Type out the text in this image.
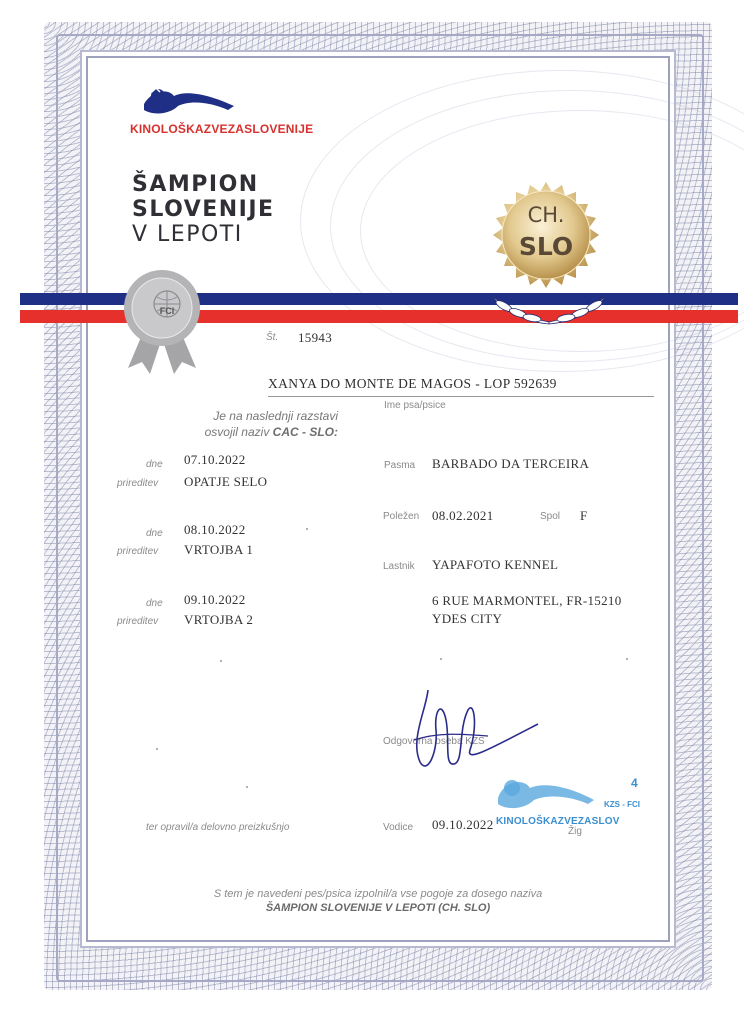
KINOLOŠKAZVEZASLOVENIJE
ŠAMPION
SLOVENIJE
V LEPOTI
CH.
SLO
FCI
Št. 15943
XANYA DO MONTE DE MAGOS - LOP 592639
Ime psa/psice
Je na naslednji razstavi
osvojil naziv CAC - SLO:
dne 07.10.2022
prireditev OPATJE SELO
dne 08.10.2022
prireditev VRTOJBA 1
dne 09.10.2022
prireditev VRTOJBA 2
Pasma BARBADO DA TERCEIRA
Poležen 08.02.2021	Spol F
Lastnik YAPAFOTO KENNEL
6 RUE MARMONTEL, FR-15210
YDES CITY
Odgovorna oseba KZS
ter opravil/a delovno preizkušnjo	Vodice 09.10.2022	Žig
KINOLOŠKAZVEZASLOV
KZS - FCI
4
S tem je navedeni pes/psica izpolnil/a vse pogoje za dosego naziva
ŠAMPION SLOVENIJE V LEPOTI (CH. SLO)
